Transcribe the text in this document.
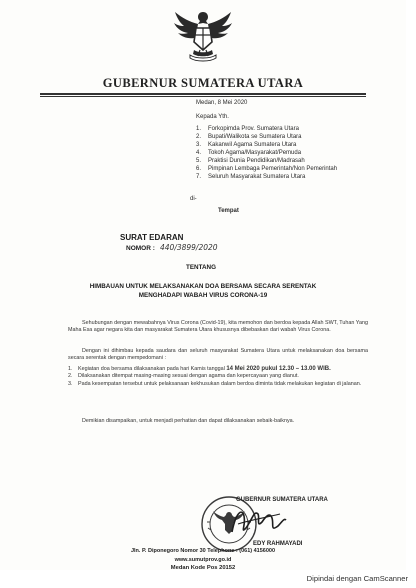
GUBERNUR SUMATERA UTARA
Medan, 8 Mei 2020
Kepada Yth.
1. Forkopimda Prov. Sumatera Utara
2. Bupati/Walikota se Sumatera Utara
3. Kakanwil Agama Sumatera Utara
4. Tokoh Agama/Masyarakat/Pemuda
5. Praktisi Dunia Pendidikan/Madrasah
6. Pimpinan Lembaga Pemerintah/Non Pemerintah
7. Seluruh Masyarakat Sumatera Utara
di-
Tempat
SURAT EDARAN
NOMOR : 440/3899/2020
TENTANG
HIMBAUAN UNTUK MELAKSANAKAN DOA BERSAMA SECARA SERENTAK
MENGHADAPI WABAH VIRUS CORONA-19

Sehubungan dengan mewabahnya Virus Corona (Covid-19), kita memohon dan berdoa kepada Allah SWT, Tuhan Yang Maha Esa agar negara kita dan masyarakat Sumatera Utara khususnya dibebaskan dari wabah Virus Corona.

Dengan ini dihimbau kepada saudara dan seluruh masyarakat Sumatera Utara untuk melaksanakan doa bersama secara serentak dengan mempedomani :

1. Kegiatan doa bersama dilaksanakan pada hari Kamis tanggal 14 Mei 2020 pukul 12.30 – 13.00 WIB.
2. Dilaksanakan ditempat masing-masing sesuai dengan agama dan kepercayaan yang dianut.
3. Pada kesempatan tersebut untuk pelaksanaan kekhusukan dalam berdoa diminta tidak melakukan kegiatan di jalanan.

Demikian disampaikan, untuk menjadi perhatian dan dapat dilaksanakan sebaik-baiknya.

GUBERNUR SUMATERA UTARA
EDY RAHMAYADI
Jln. P. Diponegoro Nomor 30 Telephone : (061) 4156000
www.sumutprov.go.id
Medan Kode Pos 20152
Dipindai dengan CamScanner
